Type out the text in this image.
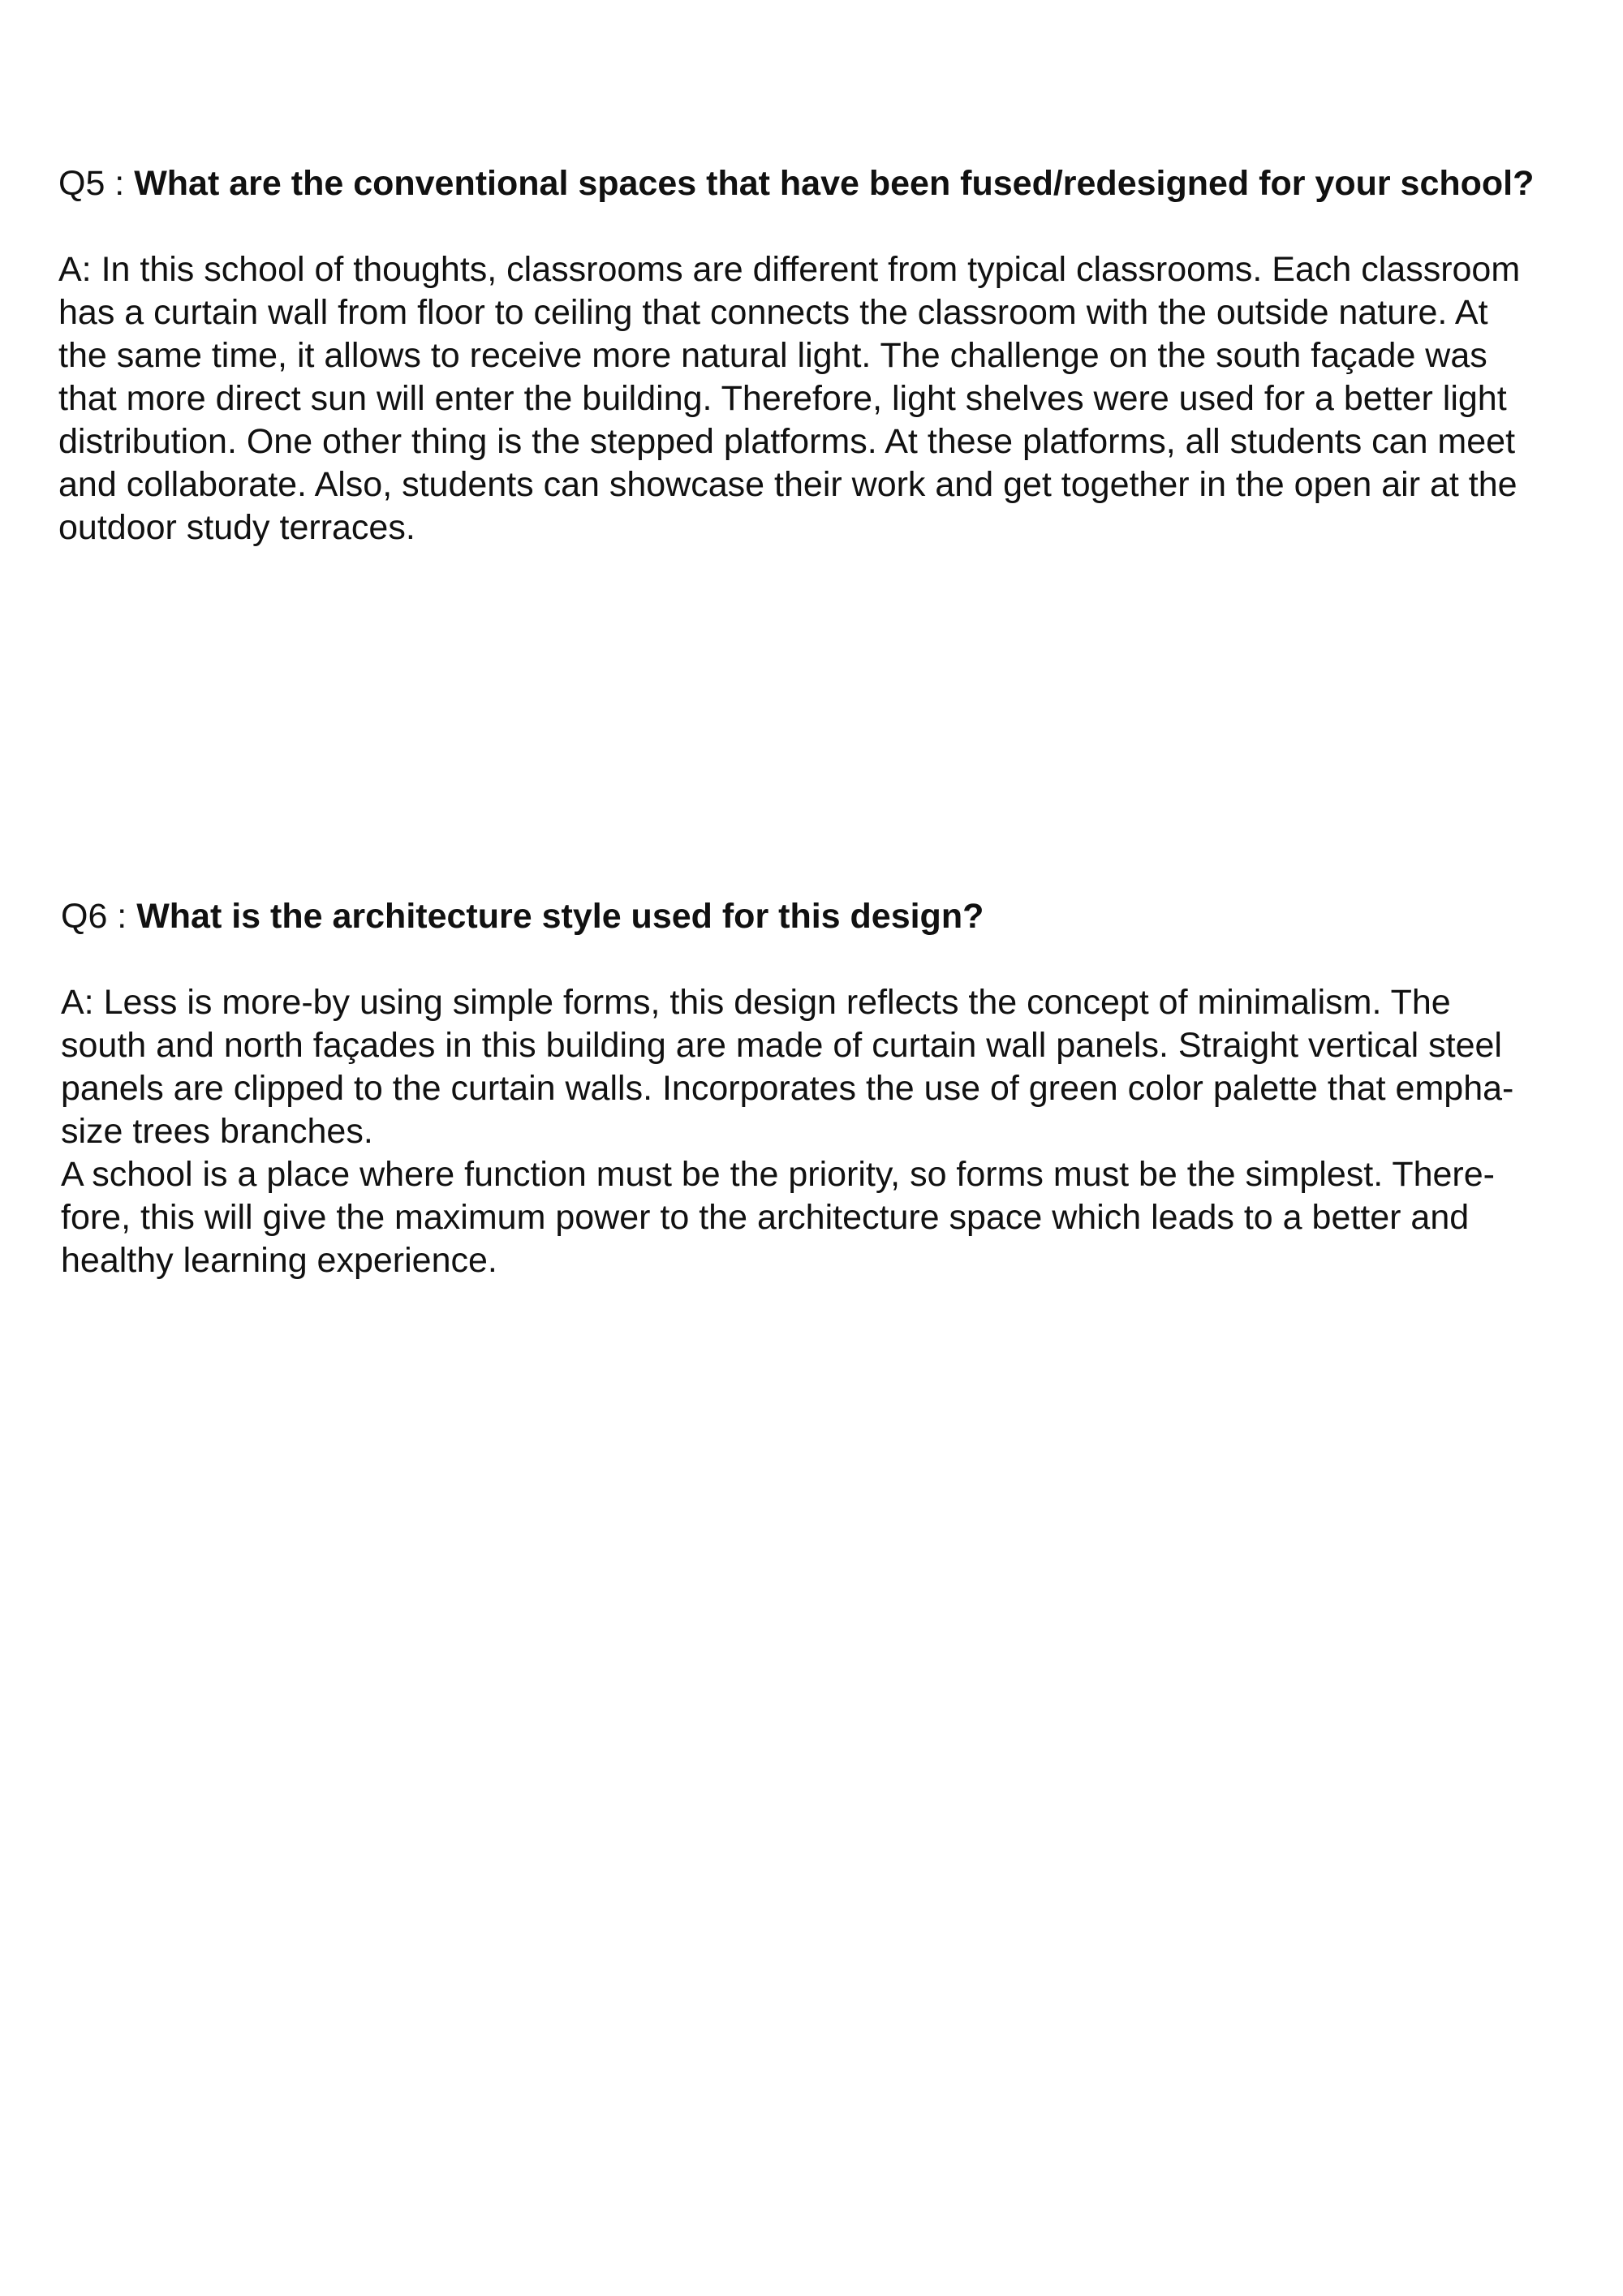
Q5 : What are the conventional spaces that have been fused/redesigned for your school?

A: In this school of thoughts, classrooms are different from typical classrooms. Each classroom

has a curtain wall from floor to ceiling that connects the classroom with the outside nature. At

the same time, it allows to receive more natural light. The challenge on the south façade was

that more direct sun will enter the building. Therefore, light shelves were used for a better light

distribution. One other thing is the stepped platforms. At these platforms, all students can meet

and collaborate. Also, students can showcase their work and get together in the open air at the

outdoor study terraces.

Q6 : What is the architecture style used for this design?

A: Less is more-by using simple forms, this design reflects the concept of minimalism. The

south and north façades in this building are made of curtain wall panels. Straight vertical steel

panels are clipped to the curtain walls. Incorporates the use of green color palette that empha-

size trees branches.

A school is a place where function must be the priority, so forms must be the simplest. There-

fore, this will give the maximum power to the architecture space which leads to a better and

healthy learning experience.
